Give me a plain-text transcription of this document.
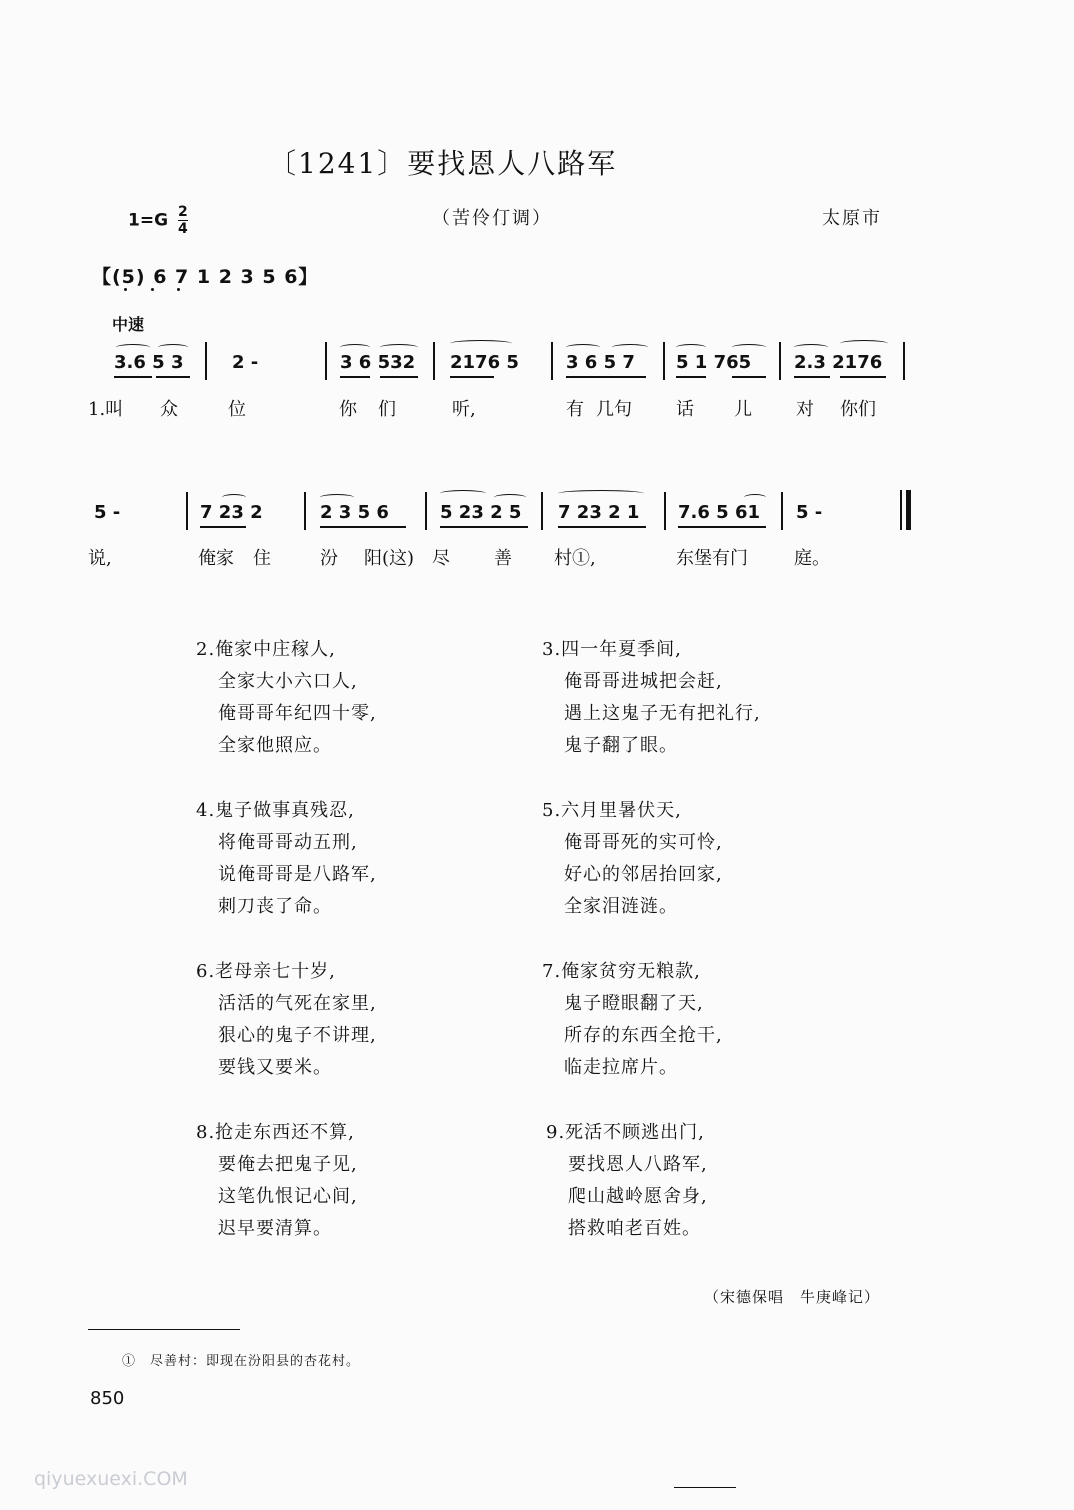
〔1241〕要找恩人八路军
$1=G \frac{2}{4}$	（苦伶仃调）	太原市
【(5) 6 7 1 2 3 5 6】
中速
3.6 5 3	2 -	3 6 532 2176 5	3 6 5 7 5 1 765 2.3 2176
1.叫 众	位	你 们	听,	有 几句 话 儿 对 你们
5 -	7 23 2	2 3 5 6	5 23 2 5 7 23 2 1 7.6 5 61 5 -
说,	俺家 住	汾 阳(这) 尽 善 村①,	东堡有门	庭。
2.俺家中庄稼人,
全家大小六口人,
俺哥哥年纪四十零,
全家他照应。
3.四一年夏季间,
俺哥哥进城把会赶,
遇上这鬼子无有把礼行,
鬼子翻了眼。
4.鬼子做事真残忍,
将俺哥哥动五刑,
说俺哥哥是八路军,
刺刀丧了命。
5.六月里暑伏天,
俺哥哥死的实可怜,
好心的邻居抬回家,
全家泪涟涟。
6.老母亲七十岁,
活活的气死在家里,
狠心的鬼子不讲理,
要钱又要米。
7.俺家贫穷无粮款,
鬼子瞪眼翻了天,
所存的东西全抢干,
临走拉席片。
8.抢走东西还不算,
要俺去把鬼子见,
这笔仇恨记心间,
迟早要清算。
9.死活不顾逃出门,
要找恩人八路军,
爬山越岭愿舍身,
搭救咱老百姓。
（宋德保唱　牛庚峰记）
①　尽善村：即现在汾阳县的杏花村。
850
qiyuexuexi.COM
